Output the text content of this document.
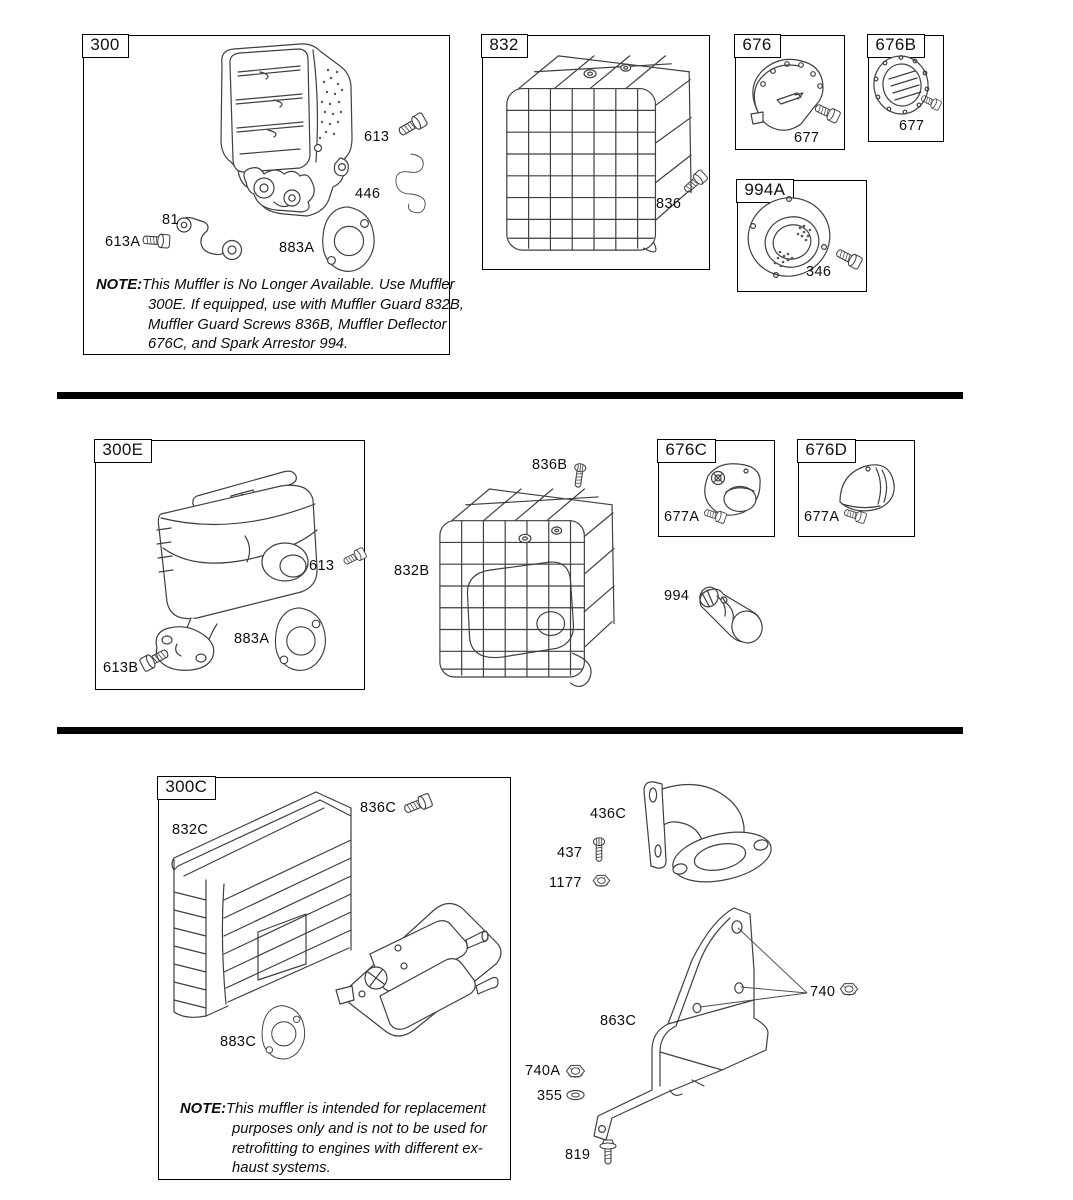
300
613
446
81
613A	883A
NOTE:This Muffler is No Longer Available. Use Muffler
300E. If equipped, use with Muffler Guard 832B,
Muffler Guard Screws 836B, Muffler Deflector
676C, and Spark Arrestor 994.
832
836
676
677
676B
677
994A
346
300E
613
883A
613B
836B
832B
676C
677A
676D
677A
994
300C
832C
836C
883C
NOTE:This muffler is intended for replacement
purposes only and is not to be used for
retrofitting to engines with different ex-
haust systems.
436C
437
1177
863C
740
740A
355
819
